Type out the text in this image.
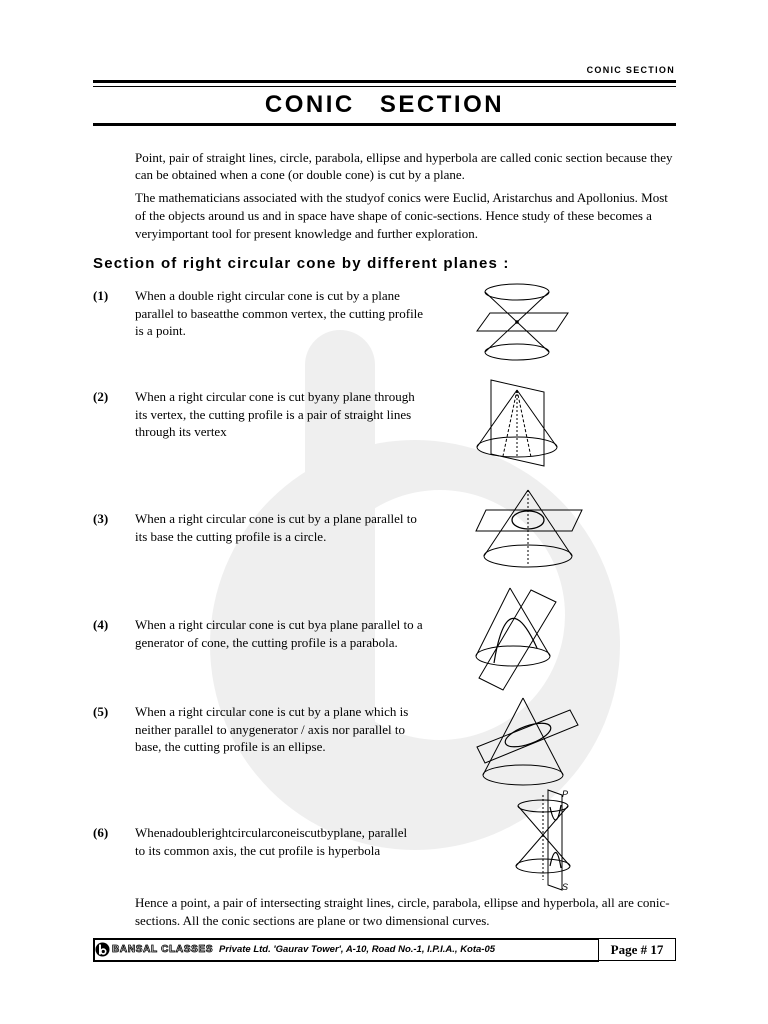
CONIC SECTION
CONIC SECTION
Point, pair of straight lines, circle, parabola, ellipse and hyperbola are called conic section because they
can be obtained when a cone (or double cone) is cut by a plane.
The mathematicians associated with the studyof conics were Euclid, Aristarchus and Apollonius. Most
of the objects around us and in space have shape of conic-sections. Hence study of these becomes a
veryimportant tool for present knowledge and further exploration.
Section of right circular cone by different planes :
(1) When a double right circular cone is cut by a plane
parallel to baseatthe common vertex, the cutting profile
is a point.
(2) When a right circular cone is cut byany plane through
its vertex, the cutting profile is a pair of straight lines
through its vertex
(3) When a right circular cone is cut by a plane parallel to
its base the cutting profile is a circle.
(4) When a right circular cone is cut bya plane parallel to a
generator of cone, the cutting profile is a parabola.
(5) When a right circular cone is cut by a plane which is
neither parallel to anygenerator / axis nor parallel to
base, the cutting profile is an ellipse.
(6) Whenadoublerightcircularconeiscutbyplane, parallel
to its common axis, the cut profile is hyperbola
Hence a point, a pair of intersecting straight lines, circle, parabola, ellipse and hyperbola, all are conic-
sections. All the conic sections are plane or two dimensional curves.
P
S
BANSAL CLASSES Private Ltd. 'Gaurav Tower', A-10, Road No.-1, I.P.I.A., Kota-05	Page # 17
